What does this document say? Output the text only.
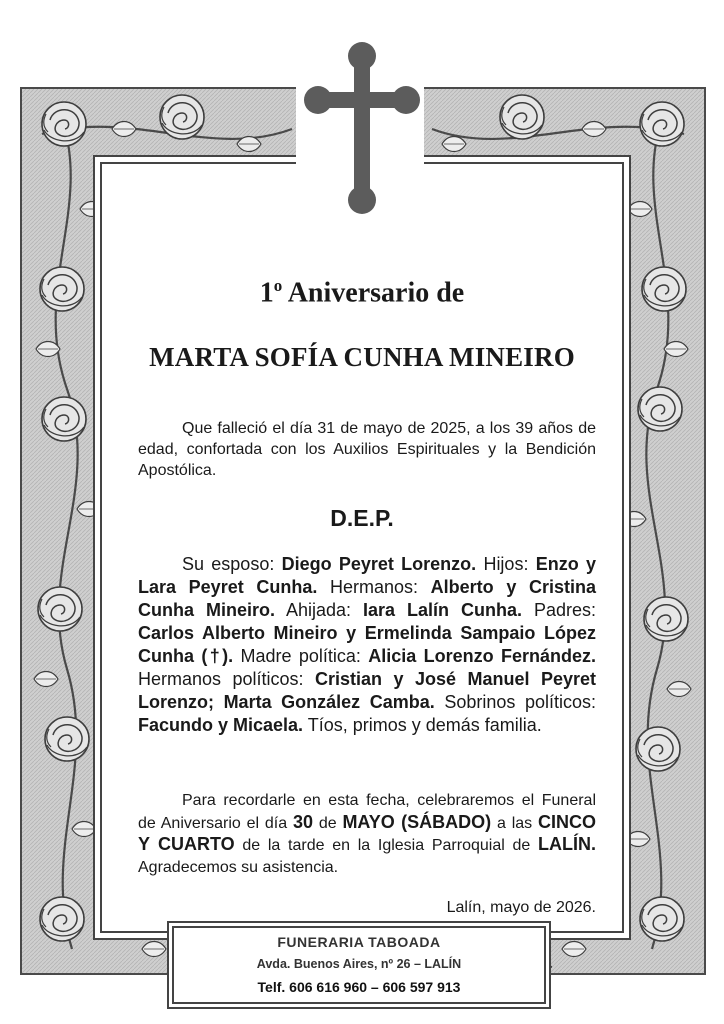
1$^o$ Aniversario de
MARTA SOFÍA CUNHA MINEIRO

Que falleció el día 31 de mayo de 2025, a los 39 años de edad, confortada con los Auxilios Espirituales y la Bendición Apostólica.

D.E.P.

Su esposo: Diego Peyret Lorenzo. Hijos: Enzo y Lara Peyret Cunha. Hermanos: Alberto y Cristina Cunha Mineiro. Ahijada: Iara Lalín Cunha. Padres: Carlos Alberto Mineiro y Ermelinda Sampaio López Cunha (†). Madre política: Alicia Lorenzo Fernández. Hermanos políticos: Cristian y José Manuel Peyret Lorenzo; Marta González Camba. Sobrinos políticos: Facundo y Micaela. Tíos, primos y demás familia.

Para recordarle en esta fecha, celebraremos el Funeral de Aniversario el día 30 de MAYO (SÁBADO) a las CINCO Y CUARTO de la tarde en la Iglesia Parroquial de LALÍN. Agradecemos su asistencia.

Lalín, mayo de 2026.

FUNERARIA TABOADA
Avda. Buenos Aires, nº 26 – LALÍN
Telf. 606 616 960 – 606 597 913
